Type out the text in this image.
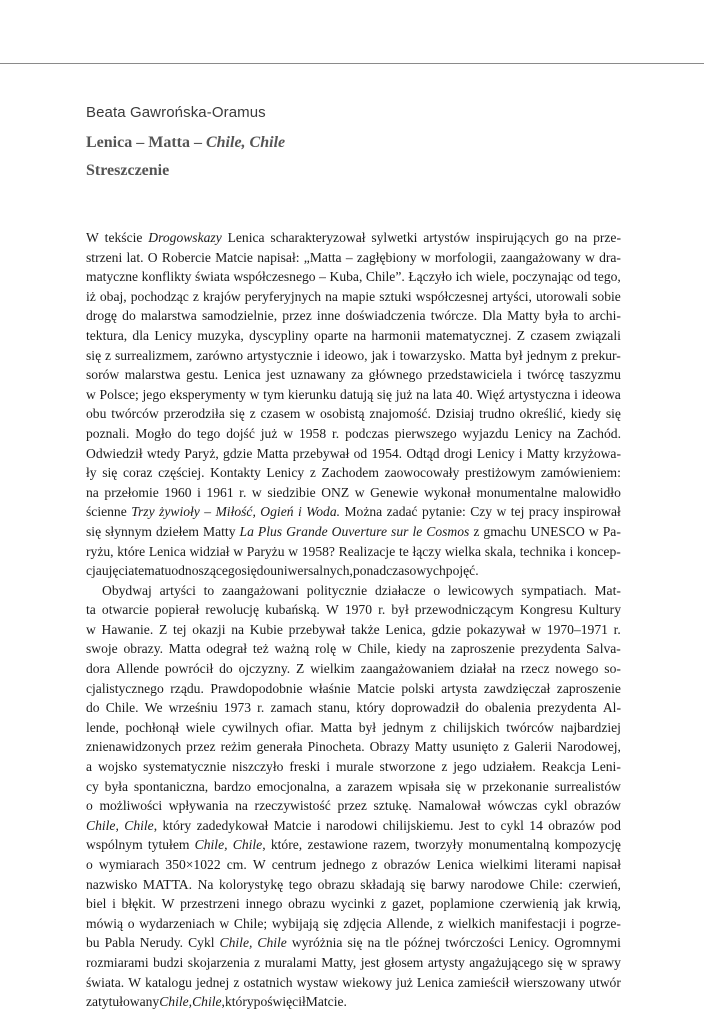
Beata Gawrońska-Oramus
Lenica – Matta – Chile, Chile
Streszczenie
W tekście Drogowskazy Lenica scharakteryzował sylwetki artystów inspirujących go na prze-
strzeni lat. O Robercie Matcie napisał: „Matta – zagłębiony w morfologii, zaangażowany w dra-
matyczne konflikty świata współczesnego – Kuba, Chile”. Łączyło ich wiele, poczynając od tego,
iż obaj, pochodząc z krajów peryferyjnych na mapie sztuki współczesnej artyści, utorowali sobie
drogę do malarstwa samodzielnie, przez inne doświadczenia twórcze. Dla Matty była to archi-
tektura, dla Lenicy muzyka, dyscypliny oparte na harmonii matematycznej. Z czasem związali
się z surrealizmem, zarówno artystycznie i ideowo, jak i towarzysko. Matta był jednym z prekur-
sorów malarstwa gestu. Lenica jest uznawany za głównego przedstawiciela i twórcę taszyzmu
w Polsce; jego eksperymenty w tym kierunku datują się już na lata 40. Więź artystyczna i ideowa
obu twórców przerodziła się z czasem w osobistą znajomość. Dzisiaj trudno określić, kiedy się
poznali. Mogło do tego dojść już w 1958 r. podczas pierwszego wyjazdu Lenicy na Zachód.
Odwiedził wtedy Paryż, gdzie Matta przebywał od 1954. Odtąd drogi Lenicy i Matty krzyżowa-
ły się coraz częściej. Kontakty Lenicy z Zachodem zaowocowały prestiżowym zamówieniem:
na przełomie 1960 i 1961 r. w siedzibie ONZ w Genewie wykonał monumentalne malowidło
ścienne Trzy żywioły – Miłość, Ogień i Woda. Można zadać pytanie: Czy w tej pracy inspirował
się słynnym dziełem Matty La Plus Grande Ouverture sur le Cosmos z gmachu UNESCO w Pa-
ryżu, które Lenica widział w Paryżu w 1958? Realizacje te łączy wielka skala, technika i koncep-
cja ujęcia tematu odnoszącego się do uniwersalnych, ponadczasowych pojęć.
Obydwaj artyści to zaangażowani politycznie działacze o lewicowych sympatiach. Mat-
ta otwarcie popierał rewolucję kubańską. W 1970 r. był przewodniczącym Kongresu Kultury
w Hawanie. Z tej okazji na Kubie przebywał także Lenica, gdzie pokazywał w 1970–1971 r.
swoje obrazy. Matta odegrał też ważną rolę w Chile, kiedy na zaproszenie prezydenta Salva-
dora Allende powrócił do ojczyzny. Z wielkim zaangażowaniem działał na rzecz nowego so-
cjalistycznego rządu. Prawdopodobnie właśnie Matcie polski artysta zawdzięczał zaproszenie
do Chile. We wrześniu 1973 r. zamach stanu, który doprowadził do obalenia prezydenta Al-
lende, pochłonął wiele cywilnych ofiar. Matta był jednym z chilijskich twórców najbardziej
znienawidzonych przez reżim generała Pinocheta. Obrazy Matty usunięto z Galerii Narodowej,
a wojsko systematycznie niszczyło freski i murale stworzone z jego udziałem. Reakcja Leni-
cy była spontaniczna, bardzo emocjonalna, a zarazem wpisała się w przekonanie surrealistów
o możliwości wpływania na rzeczywistość przez sztukę. Namalował wówczas cykl obrazów
Chile, Chile, który zadedykował Matcie i narodowi chilijskiemu. Jest to cykl 14 obrazów pod
wspólnym tytułem Chile, Chile, które, zestawione razem, tworzyły monumentalną kompozycję
o wymiarach 350×1022 cm. W centrum jednego z obrazów Lenica wielkimi literami napisał
nazwisko MATTA. Na kolorystykę tego obrazu składają się barwy narodowe Chile: czerwień,
biel i błękit. W przestrzeni innego obrazu wycinki z gazet, poplamione czerwienią jak krwią,
mówią o wydarzeniach w Chile; wybijają się zdjęcia Allende, z wielkich manifestacji i pogrze-
bu Pabla Nerudy. Cykl Chile, Chile wyróżnia się na tle późnej twórczości Lenicy. Ogromnymi
rozmiarami budzi skojarzenia z muralami Matty, jest głosem artysty angażującego się w sprawy
świata. W katalogu jednej z ostatnich wystaw wiekowy już Lenica zamieścił wierszowany utwór
zatytułowany Chile, Chile, który poświęcił Matcie.
